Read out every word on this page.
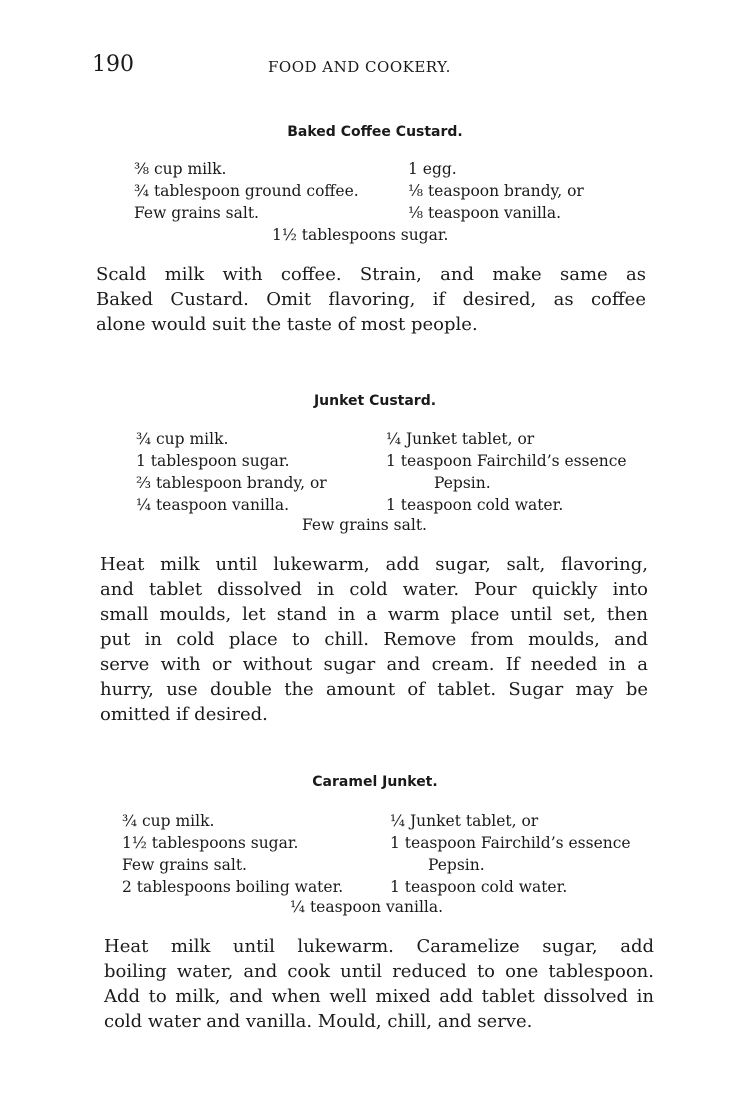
190	FOOD AND COOKERY.
Baked Coffee Custard.
⅜ cup milk.
¾ tablespoon ground coffee.
Few grains salt.
1 egg.
⅛ teaspoon brandy, or
⅛ teaspoon vanilla.
1½ tablespoons sugar.
Scald milk with coffee. Strain, and make same as
Baked Custard. Omit flavoring, if desired, as coffee
alone would suit the taste of most people.
Junket Custard.
¾ cup milk.
1 tablespoon sugar.
⅔ tablespoon brandy, or
¼ teaspoon vanilla.
¼ Junket tablet, or
1 teaspoon Fairchild’s essence
Pepsin.
1 teaspoon cold water.
Few grains salt.
Heat milk until lukewarm, add sugar, salt, flavoring,
and tablet dissolved in cold water. Pour quickly into
small moulds, let stand in a warm place until set, then
put in cold place to chill. Remove from moulds, and
serve with or without sugar and cream. If needed in a
hurry, use double the amount of tablet. Sugar may be
omitted if desired.
Caramel Junket.
¾ cup milk.
1½ tablespoons sugar.
Few grains salt.
2 tablespoons boiling water.
¼ Junket tablet, or
1 teaspoon Fairchild’s essence
Pepsin.
1 teaspoon cold water.
¼ teaspoon vanilla.
Heat milk until lukewarm. Caramelize sugar, add
boiling water, and cook until reduced to one tablespoon.
Add to milk, and when well mixed add tablet dissolved in
cold water and vanilla. Mould, chill, and serve.
